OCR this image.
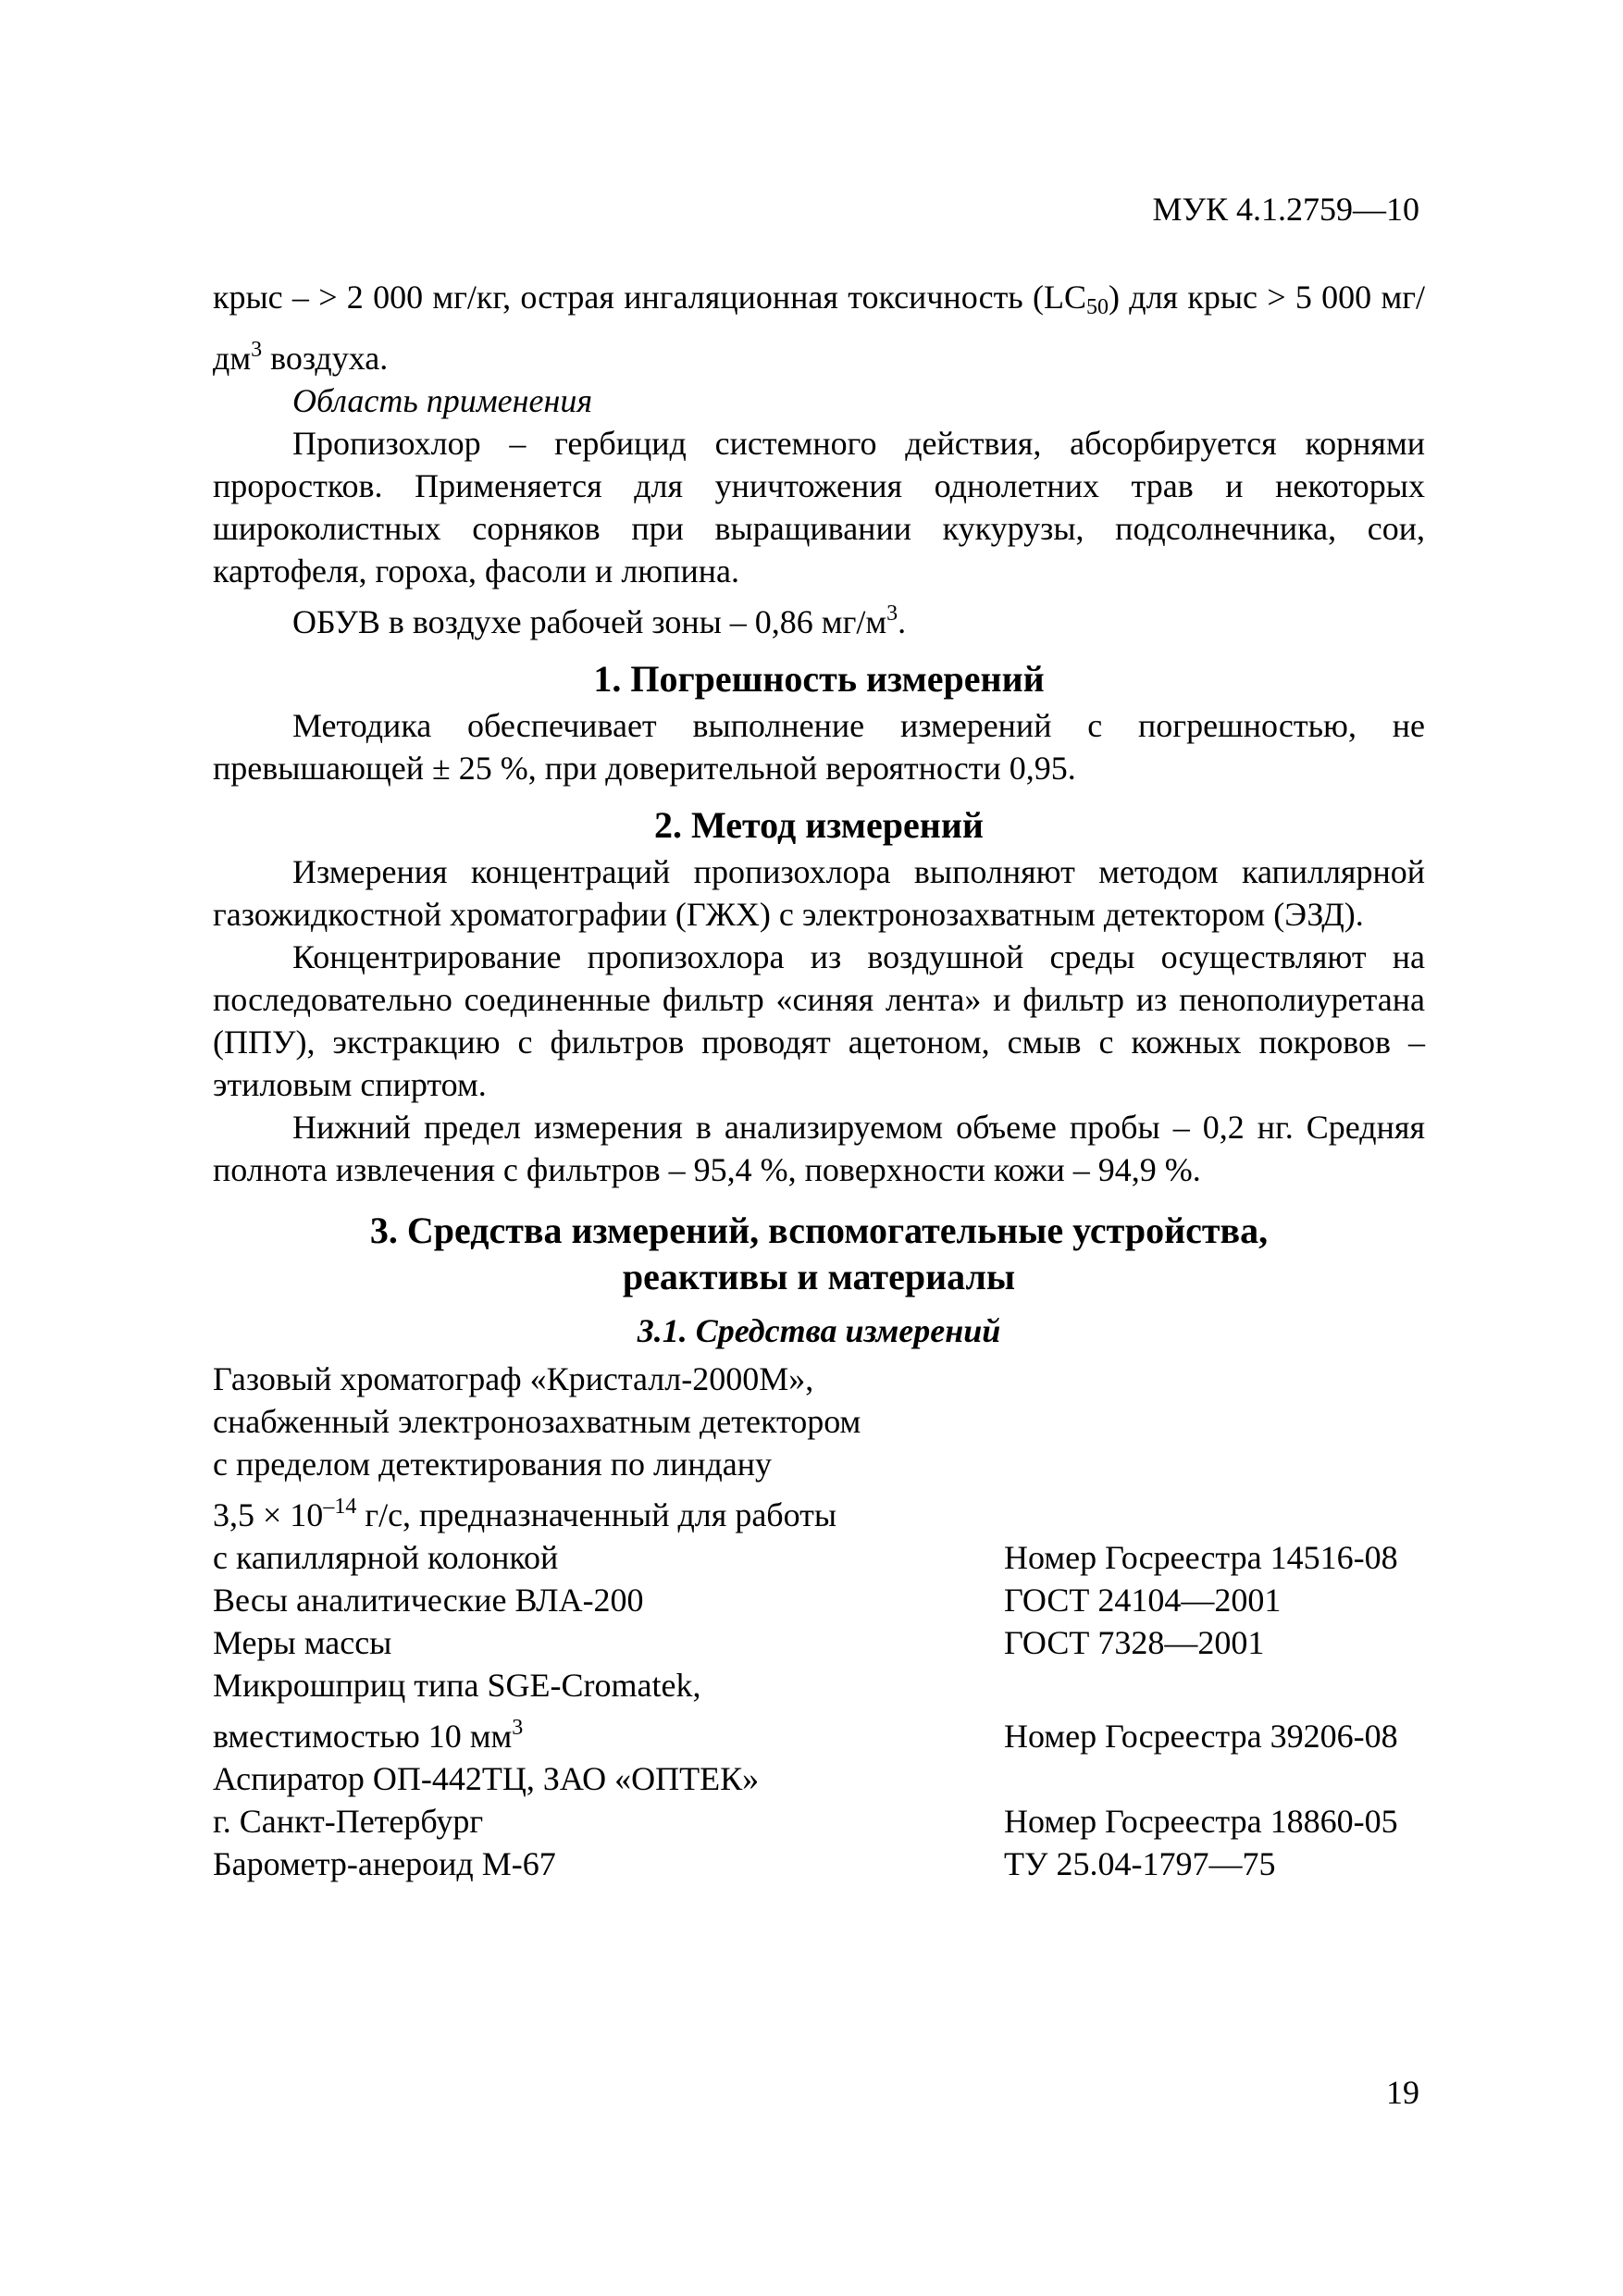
МУК 4.1.2759—10

крыс – > 2 000 мг/кг, острая ингаляционная токсичность $(LC_{50})$ для крыс > 5 000 $мг/дм^3$ воздуха.

Область применения

Пропизохлор – гербицид системного действия, абсорбируется корнями проростков. Применяется для уничтожения однолетних трав и некоторых широколистных сорняков при выращивании кукурузы, подсолнечника, сои, картофеля, гороха, фасоли и люпина.

ОБУВ в воздухе рабочей зоны – 0,86 $мг/м^3$.

1. Погрешность измерений

Методика обеспечивает выполнение измерений с погрешностью, не превышающей ± 25 %, при доверительной вероятности 0,95.

2. Метод измерений

Измерения концентраций пропизохлора выполняют методом капиллярной газожидкостной хроматографии (ГЖХ) с электронозахватным детектором (ЭЗД).

Концентрирование пропизохлора из воздушной среды осуществляют на последовательно соединенные фильтр «синяя лента» и фильтр из пенополиуретана (ППУ), экстракцию с фильтров проводят ацетоном, смыв с кожных покровов – этиловым спиртом.

Нижний предел измерения в анализируемом объеме пробы – 0,2 нг. Средняя полнота извлечения с фильтров – 95,4 %, поверхности кожи – 94,9 %.

3. Средства измерений, вспомогательные устройства,
реактивы и материалы
3.1. Средства измерений
Газовый хроматограф «Кристалл-2000М»,
снабженный электронозахватным детектором
с пределом детектирования по линдану
$3,5 \times 10^{-14}$ г/с, предназначенный для работы
с капиллярной колонкой	Номер Госреестра 14516-08
Весы аналитические ВЛА-200	ГОСТ 24104—2001
Меры массы	ГОСТ 7328—2001

Микрошприц типа SGE-Cromatek,
вместимостью 10 $мм^3$	Номер Госреестра 39206-08

Аспиратор ОП-442ТЦ, ЗАО «ОПТЕК»
г. Санкт-Петербург	Номер Госреестра 18860-05
Барометр-анероид М-67	ТУ 25.04-1797—75
19
